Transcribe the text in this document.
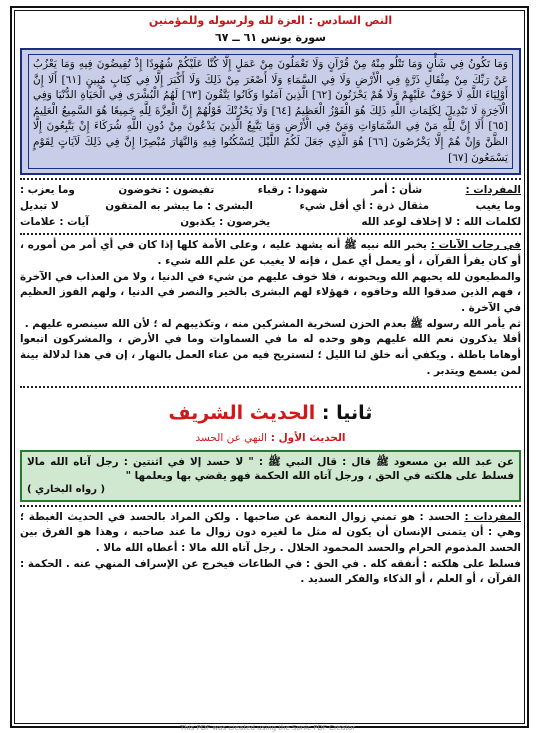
النص السادس : العزة لله ولرسوله وللمؤمنين

سورة يونس ٦١ ــ ٦٧

وَمَا تَكُونُ فِي شَأْنٍ وَمَا تَتْلُو مِنْهُ مِنْ قُرْآنٍ وَلَا تَعْمَلُونَ مِنْ عَمَلٍ إِلَّا كُنَّا عَلَيْكُمْ شُهُودًا إِذْ تُفِيضُونَ فِيهِ وَمَا يَعْزُبُ عَنْ رَبِّكَ مِنْ مِثْقَالِ ذَرَّةٍ فِي الْأَرْضِ وَلَا فِي السَّمَاءِ وَلَا أَصْغَرَ مِنْ ذَلِكَ وَلَا أَكْبَرَ إِلَّا فِي كِتَابٍ مُبِينٍ [٦١] أَلَا إِنَّ أَوْلِيَاءَ اللَّهِ لَا خَوْفٌ عَلَيْهِمْ وَلَا هُمْ يَحْزَنُونَ [٦٢] الَّذِينَ آمَنُوا وَكَانُوا يَتَّقُونَ [٦٣] لَهُمُ الْبُشْرَى فِي الْحَيَاةِ الدُّنْيَا وَفِي الْآخِرَةِ لَا تَبْدِيلَ لِكَلِمَاتِ اللَّهِ ذَلِكَ هُوَ الْفَوْزُ الْعَظِيمُ [٦٤] وَلَا يَحْزُنْكَ قَوْلُهُمْ إِنَّ الْعِزَّةَ لِلَّهِ جَمِيعًا هُوَ السَّمِيعُ الْعَلِيمُ [٦٥] أَلَا إِنَّ لِلَّهِ مَنْ فِي السَّمَاوَاتِ وَمَنْ فِي الْأَرْضِ وَمَا يَتَّبِعُ الَّذِينَ يَدْعُونَ مِنْ دُونِ اللَّهِ شُرَكَاءَ إِنْ يَتَّبِعُونَ إِلَّا الظَّنَّ وَإِنْ هُمْ إِلَّا يَخْرُصُونَ [٦٦] هُوَ الَّذِي جَعَلَ لَكُمُ اللَّيْلَ لِتَسْكُنُوا فِيهِ وَالنَّهَارَ مُبْصِرًا إِنَّ فِي ذَلِكَ لَآيَاتٍ لِقَوْمٍ يَسْمَعُونَ [٦٧]
المفردات :
شأن : أمر
شهودا : رقباء
تفيضون : تخوضون
وما يعزب :
وما يغيب
مثقال ذرة : أي أقل شيء
البشرى : ما يبشر به المتقون
لا تبديل
لكلمات الله : لا إخلاف لوعد الله
يخرصون : يكذبون
آيات : علامات

في رحاب الآيات : يخبر الله نبيه ﷺ أنه يشهد عليه ، وعلى الأمة كلها إذا كان في أي أمر من أموره ، أو كان يقرأ القرآن ، أو يعمل أي عمل ، فإنه لا يغيب عن علم الله شيء .

والمطيعون لله يحبهم الله ويحبونه ، فلا خوف عليهم من شيء في الدنيا ، ولا من العذاب في الآخرة ، فهم الذين صدقوا الله وخافوه ، فهؤلاء لهم البشرى بالخير والنصر في الدنيا ، ولهم الفوز العظيم في الآخرة .

ثم يأمر الله رسوله ﷺ بعدم الحزن لسخرية المشركين منه ، وتكذيبهم له ؛ لأن الله سينصره عليهم .

أفلا يذكرون نعم الله عليهم وهو وحده له ما في السماوات وما في الأرض ، والمشركون اتبعوا أوهاما باطلة . ويكفي أنه خلق لنا الليل ؛ لنستريح فيه من عناء العمل بالنهار ، إن في هذا لدلالة بينة لمن يسمع ويتدبر .

ثانيا : الحديث الشريف
الحديث الأول : النهي عن الحسد
عن عبد الله بن مسعود ﷺ قال : قال النبي ﷺ : " لا حسد إلا في اثنتين : رجل آتاه الله مالا فسلط على هلكته في الحق ، ورجل آتاه الله الحكمة فهو يقضي بها ويعلمها "
( رواه البخاري )

المفردات : الحسد : هو تمني زوال النعمة عن صاحبها . ولكن المراد بالحسد في الحديث الغبطة ؛ وهي : أن يتمنى الإنسان أن يكون له مثل ما لغيره دون زوال ما عند صاحبه ، وهذا هو الفرق بين الحسد المذموم الحرام والحسد المحمود الحلال . رجل آتاه الله مالا : أعطاه الله مالا .

فسلط على هلكته : أنفقه كله . في الحق : في الطاعات فيخرج عن الإسراف المنهي عنه . الحكمة : القرآن ، أو العلم ، أو الذكاء والفكر السديد .

This PDF was created using the Sonic PDF Creator
